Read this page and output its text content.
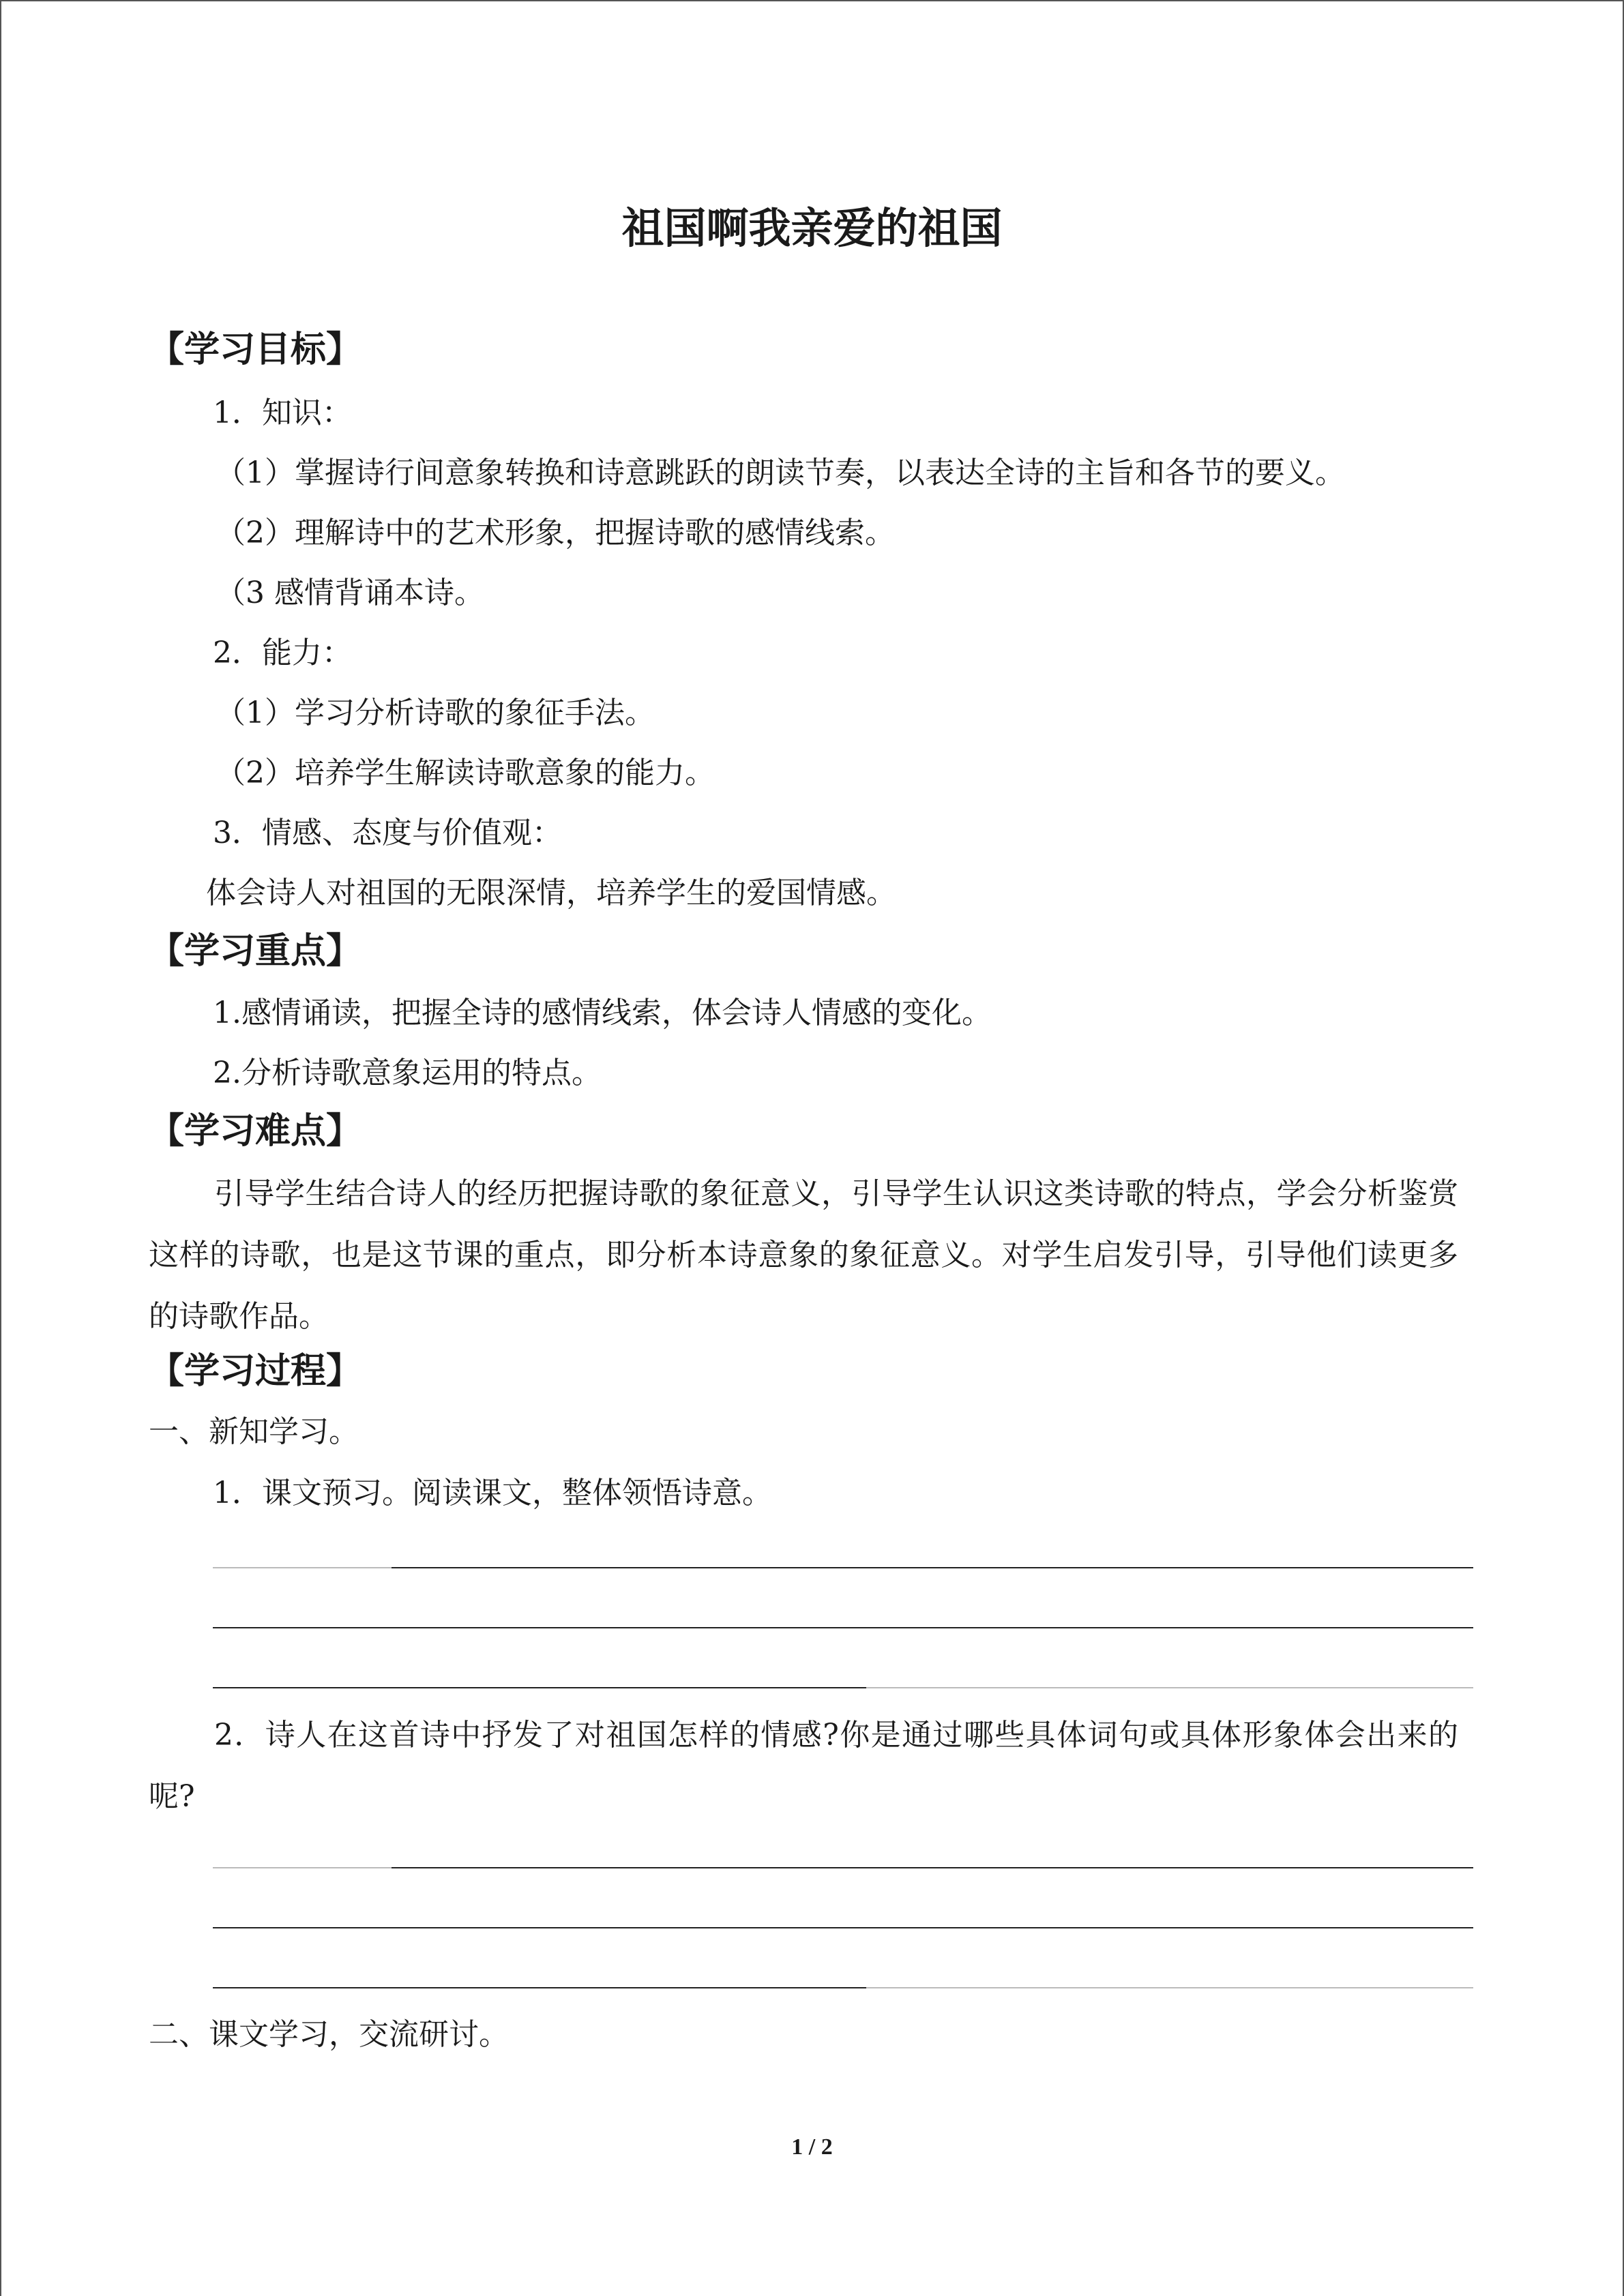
祖国啊我亲爱的祖国
【学习目标】
1．知识：
（1）掌握诗行间意象转换和诗意跳跃的朗读节奏，以表达全诗的主旨和各节的要义。
（2）理解诗中的艺术形象，把握诗歌的感情线索。
（3 感情背诵本诗。
2．能力：
（1）学习分析诗歌的象征手法。
（2）培养学生解读诗歌意象的能力。
3．情感、态度与价值观：
体会诗人对祖国的无限深情，培养学生的爱国情感。
【学习重点】
1.感情诵读，把握全诗的感情线索，体会诗人情感的变化。
2.分析诗歌意象运用的特点。
【学习难点】
引导学生结合诗人的经历把握诗歌的象征意义，引导学生认识这类诗歌的特点，学会分析鉴赏这样的诗歌，也是这节课的重点，即分析本诗意象的象征意义。对学生启发引导，引导他们读更多的诗歌作品。
【学习过程】
一、新知学习。
1．课文预习。阅读课文，整体领悟诗意。
2．诗人在这首诗中抒发了对祖国怎样的情感?你是通过哪些具体词句或具体形象体会出来的呢?
二、课文学习，交流研讨。
1 / 2
